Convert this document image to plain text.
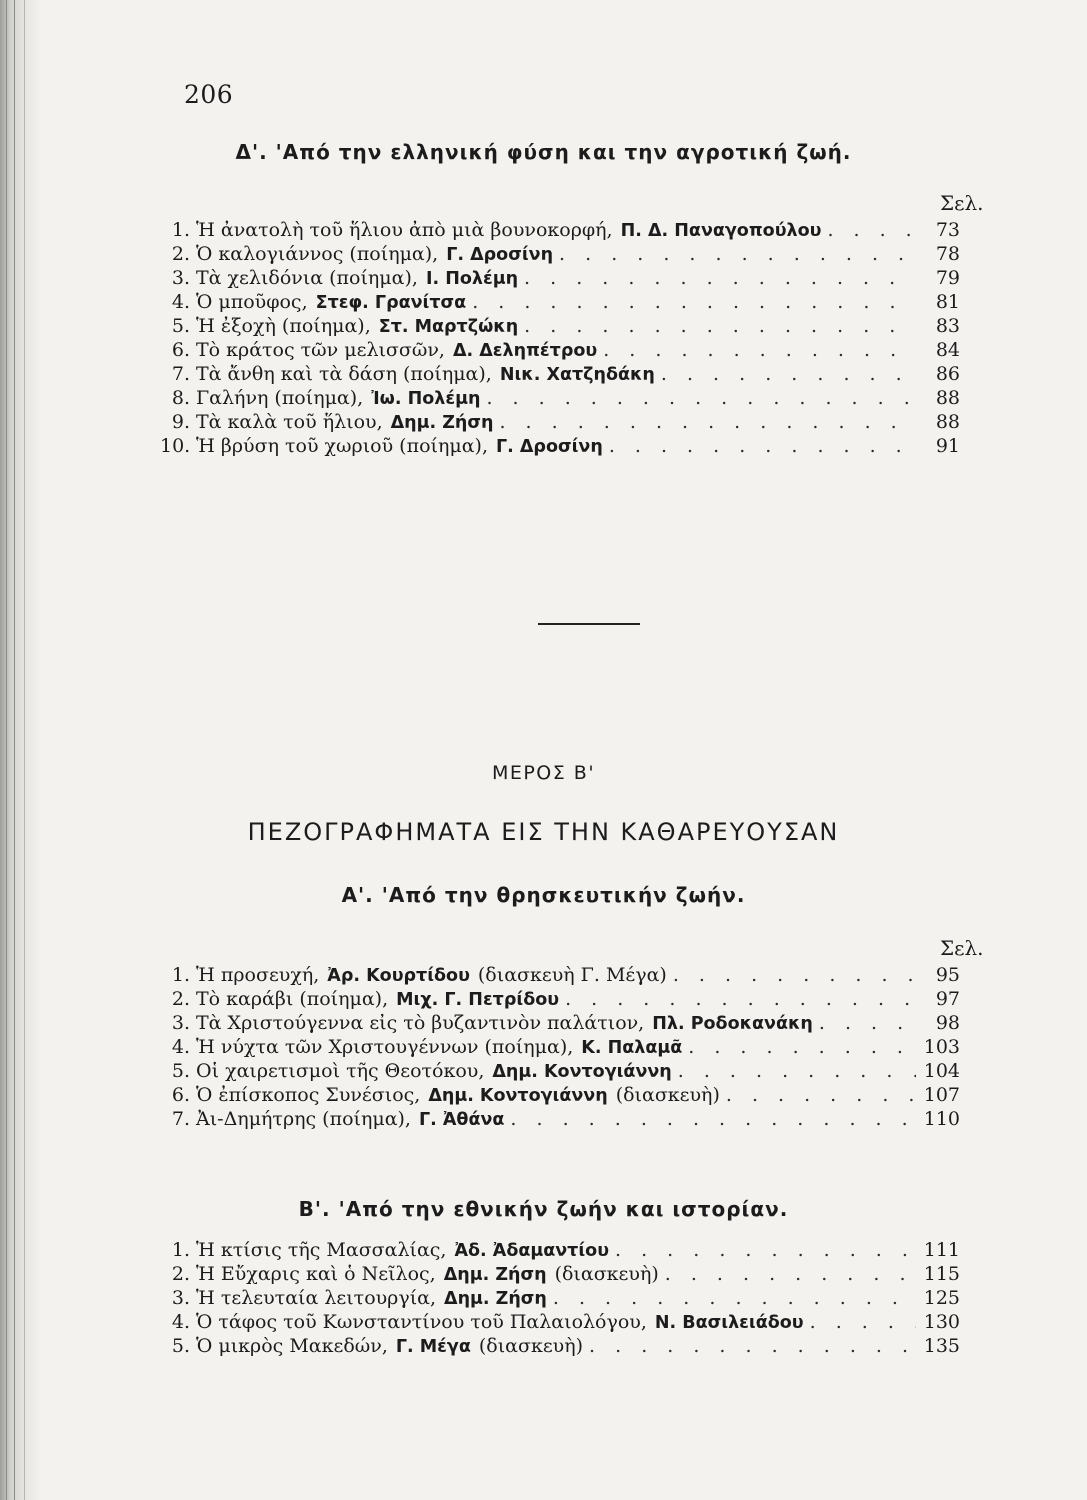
206
Δ'. 'Από την ελληνική φύση και την αγροτική ζωή.
Σελ.
1. Ἡ ἀνατολὴ τοῦ ἥλιου ἀπὸ μιὰ βουνοκορφή, Π. Δ. Παναγοπούλου . . .	73
2. Ὁ καλογιάννος (ποίημα), Γ. Δροσίνη . . .	78
3. Τὰ χελιδόνια (ποίημα), Ι. Πολέμη . . .	79
4. Ὁ μποῦφος, Στεφ. Γρανίτσα . . .	81
5. Ἡ ἐξοχὴ (ποίημα), Στ. Μαρτζώκη . . .	83
6. Τὸ κράτος τῶν μελισσῶν, Δ. Δεληπέτρου . . .	84
7. Τὰ ἄνθη καὶ τὰ δάση (ποίημα), Νικ. Χατζηδάκη . . .	86
8. Γαλήνη (ποίημα), Ἰω. Πολέμη . . .	88
9. Τὰ καλὰ τοῦ ἥλιου, Δημ. Ζήση . . .	88
10. Ἡ βρύση τοῦ χωριοῦ (ποίημα), Γ. Δροσίνη . . .	91
ΜΕΡΟΣ Β'
ΠΕΖΟΓΡΑΦΗΜΑΤΑ ΕΙΣ ΤΗΝ ΚΑΘΑΡΕΥΟΥΣΑΝ
Α'. 'Από την θρησκευτικήν ζωήν.
Σελ.
1. Ἡ προσευχή, Ἀρ. Κουρτίδου (διασκευὴ Γ. Μέγα) . . .	95
2. Τὸ καράβι (ποίημα), Μιχ. Γ. Πετρίδου . . .	97
3. Τὰ Χριστούγεννα εἰς τὸ βυζαντινὸν παλάτιον, Πλ. Ροδοκανάκη . . .	98
4. Ἡ νύχτα τῶν Χριστουγέννων (ποίημα), Κ. Παλαμᾶ . . .	103
5. Οἱ χαιρετισμοὶ τῆς Θεοτόκου, Δημ. Κοντογιάννη . . .	104
6. Ὁ ἐπίσκοπος Συνέσιος, Δημ. Κοντογιάννη (διασκευὴ) . . .	107
7. Ἀι-Δημήτρης (ποίημα), Γ. Ἀθάνα . . .	110
Β'. 'Από την εθνικήν ζωήν και ιστορίαν.
1. Ἡ κτίσις τῆς Μασσαλίας, Ἀδ. Ἀδαμαντίου . . .	111
2. Ἡ Εὔχαρις καὶ ὁ Νεῖλος, Δημ. Ζήση (διασκευὴ) . . .	115
3. Ἡ τελευταία λειτουργία, Δημ. Ζήση . . .	125
4. Ὁ τάφος τοῦ Κωνσταντίνου τοῦ Παλαιολόγου, Ν. Βασιλειάδου . . .	130
5. Ὁ μικρὸς Μακεδών, Γ. Μέγα (διασκευὴ) . . .	135
